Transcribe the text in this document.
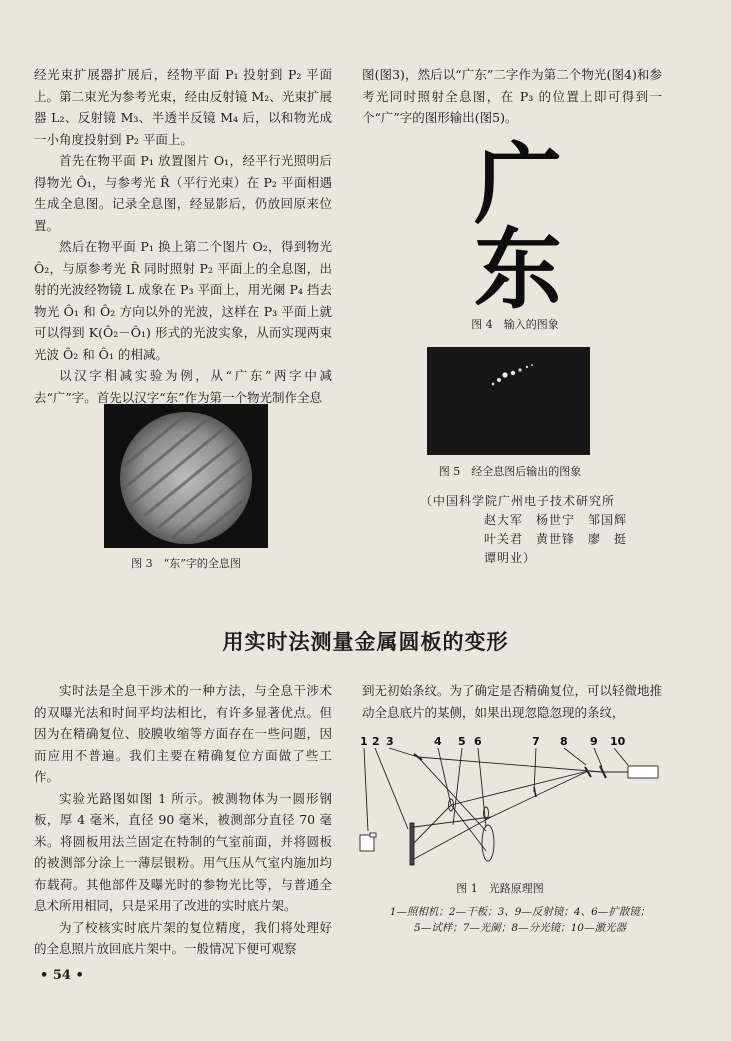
经光束扩展器扩展后，经物平面 P₁ 投射到 P₂ 平面上。第二束光为参考光束，经由反射镜 M₂、光束扩展器 L₂、反射镜 M₃、半透半反镜 M₄ 后，以和物光成一小角度投射到 P₂ 平面上。

首先在物平面 P₁ 放置图片 O₁，经平行光照明后得物光 Ô₁，与参考光 R̂（平行光束）在 P₂ 平面相遇生成全息图。记录全息图，经显影后，仍放回原来位置。

然后在物平面 P₁ 换上第二个图片 O₂，得到物光 Ô₂，与原参考光 R̂ 同时照射 P₂ 平面上的全息图，出射的光波经物镜 L 成象在 P₃ 平面上，用光阑 P₄ 挡去物光 Ô₁ 和 Ô₂ 方向以外的光波，这样在 P₃ 平面上就可以得到 K(Ô₂－Ô₁) 形式的光波实象，从而实现两束光波 Ô₂ 和 Ô₁ 的相减。

以汉字相减实验为例，从“广东”两字中减去“广”字。首先以汉字“东”作为第一个物光制作全息

图(图3)，然后以“广东”二字作为第二个物光(图4)和参考光同时照射全息图，在 P₃ 的位置上即可得到一个“广”字的图形输出(图5)。

广
东
图 4　输入的图象
图 5　经全息图后输出的图象
（中国科学院广州电子技术研究所
赵大军　杨世宁　邹国辉
叶关君　黄世锋　廖　挺
谭明业）
图 3　“东”字的全息图
用实时法测量金属圆板的变形

实时法是全息干涉术的一种方法，与全息干涉术的双曝光法和时间平均法相比，有许多显著优点。但因为在精确复位、胶膜收缩等方面存在一些问题，因而应用不普遍。我们主要在精确复位方面做了些工作。

实验光路图如图 1 所示。被测物体为一圆形钢板，厚 4 毫米，直径 90 毫米，被测部分直径 70 毫米。将圆板用法兰固定在特制的气室前面，并将圆板的被测部分涂上一薄层银粉。用气压从气室内施加均布载荷。其他部件及曝光时的参物光比等，与普通全息术所用相同，只是采用了改进的实时底片架。

为了校核实时底片架的复位精度，我们将处理好的全息照片放回底片架中。一般情况下便可观察

到无初始条纹。为了确定是否精确复位，可以轻微地推动全息底片的某侧，如果出现忽隐忽现的条纹，

1 2 3	4 5 6	7 8 9 10
图 1　光路原理图
1—照相机；2—干板；3、9—反射镜；4、6—扩散镜；
5—试样；7—光阑；8—分光镜；10—激光器
• 54 •
